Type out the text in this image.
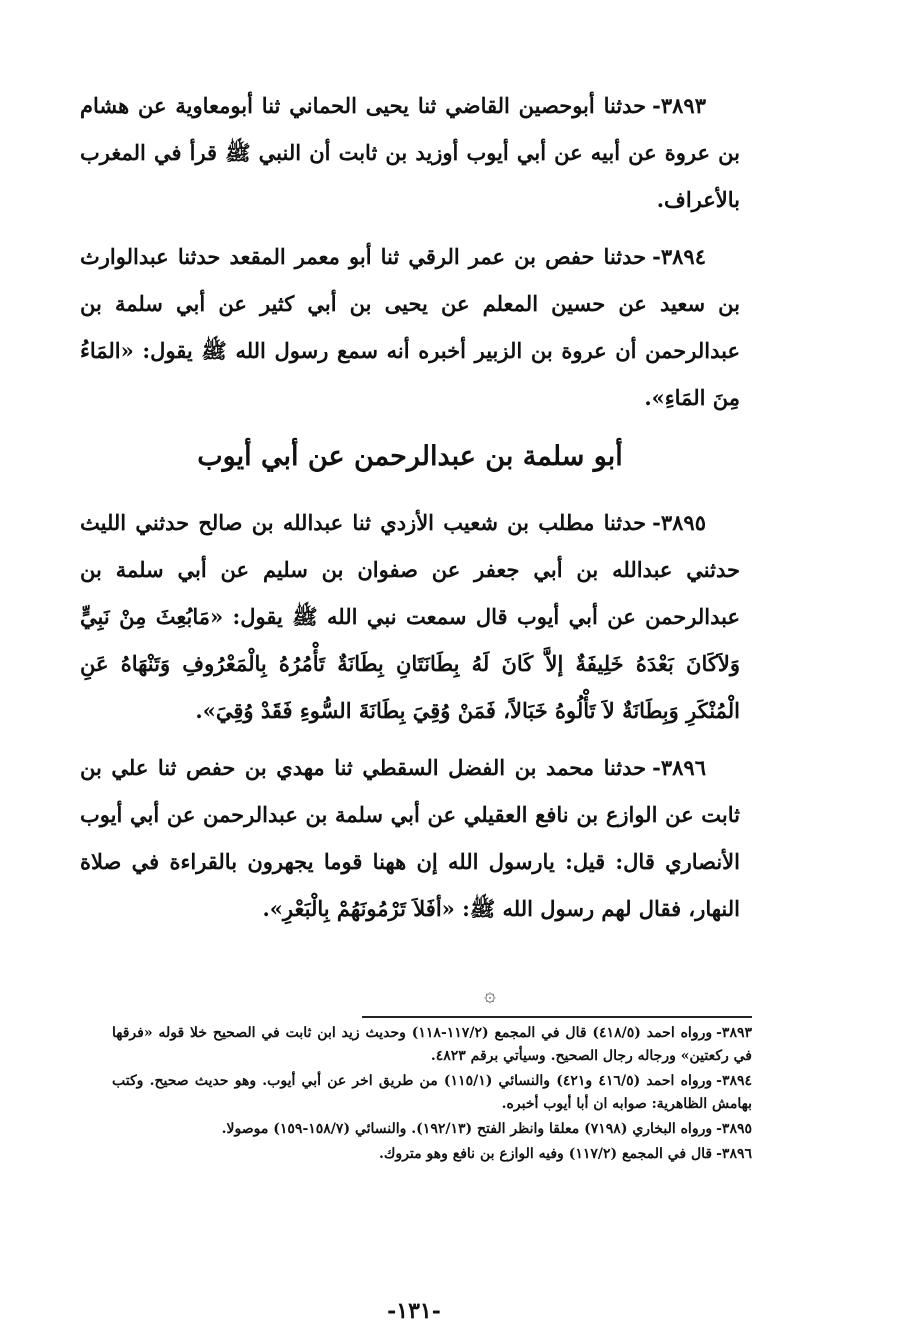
٣٨٩٣-حدثنا أبوحصين القاضي ثنا يحيى الحماني ثنا أبومعاوية عن هشام بن عروة عن أبيه عن أبي أيوب أوزيد بن ثابت أن النبي ﷺ قرأ في المغرب بالأعراف.

٣٨٩٤-حدثنا حفص بن عمر الرقي ثنا أبو معمر المقعد حدثنا عبدالوارث بن سعيد عن حسين المعلم عن يحيى بن أبي كثير عن أبي سلمة بن عبدالرحمن أن عروة بن الزبير أخبره أنه سمع رسول الله ﷺ يقول: «المَاءُ مِنَ المَاءِ».

أبو سلمة بن عبدالرحمن عن أبي أيوب

٣٨٩٥-حدثنا مطلب بن شعيب الأزدي ثنا عبدالله بن صالح حدثني الليث حدثني عبدالله بن أبي جعفر عن صفوان بن سليم عن أبي سلمة بن عبدالرحمن عن أبي أيوب قال سمعت نبي الله ﷺ يقول: «مَابُعِثَ مِنْ نَبِيٍّ وَلاَكَانَ بَعْدَهُ خَلِيفَةٌ إلاَّ كَانَ لَهُ بِطَانَتَانِ بِطَانَةٌ تَأْمُرُهُ بِالْمَعْرُوفِ وَتَنْهَاهُ عَنِ الْمُنْكَرِ وَبِطَانَةٌ لاَ تَأْلُوهُ خَبَالاً، فَمَنْ وُقِيَ بِطَانَةَ السُّوءِ فَقَدْ وُقِيَ».

٣٨٩٦-حدثنا محمد بن الفضل السقطي ثنا مهدي بن حفص ثنا علي بن ثابت عن الوازع بن نافع العقيلي عن أبي سلمة بن عبدالرحمن عن أبي أيوب الأنصاري قال: قيل: يارسول الله إن ههنا قوما يجهرون بالقراءة في صلاة النهار، فقال لهم رسول الله ﷺ: «أفَلاَ تَرْمُونَهُمْ بِالْبَعْرِ».

۞

٣٨٩٣-ورواه احمد (٤١٨/٥) قال في المجمع (١١٧/٢-١١٨) وحديث زيد ابن ثابت في الصحيح خلا قوله «فرقها في ركعتين» ورجاله رجال الصحيح. وسيأتي برقم ٤٨٢٣.

٣٨٩٤-ورواه احمد (٤١٦/٥ و٤٢١) والنسائي (١١٥/١) من طريق اخر عن أبي أيوب. وهو حديث صحيح. وكتب بهامش الظاهرية: صوابه ان أبا أيوب أخبره.

٣٨٩٥-ورواه البخاري (٧١٩٨) معلقا وانظر الفتح (١٩٢/١٣). والنسائي (١٥٨/٧-١٥٩) موصولا.

٣٨٩٦-قال في المجمع (١١٧/٢) وفيه الوازع بن نافع وهو متروك.

-١٣١-
